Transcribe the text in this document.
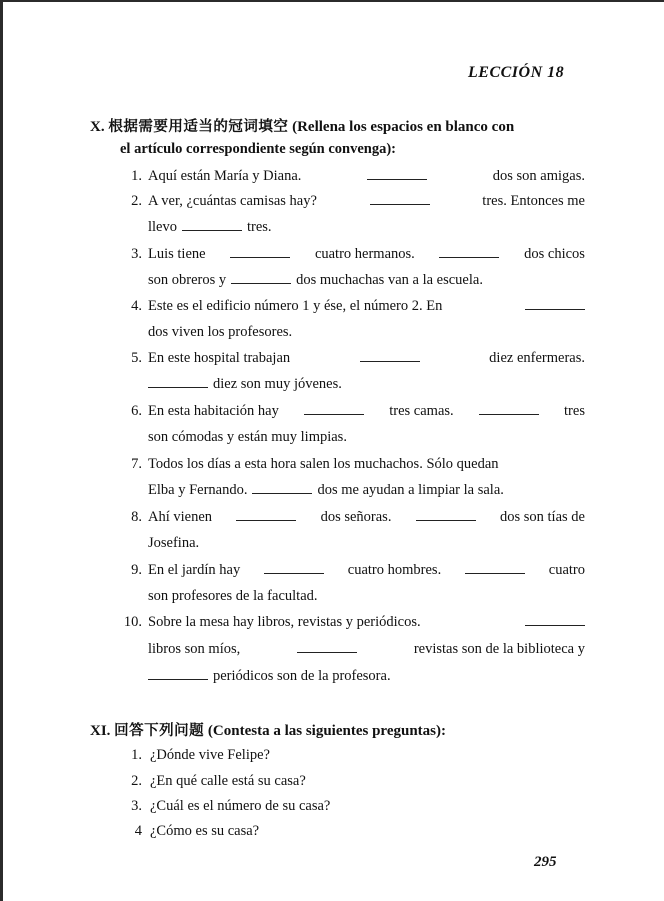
LECCIÓN 18
X. 根据需要用适当的冠词填空 (Rellena los espacios en blanco con
el artículo correspondiente según convenga):
1. Aquí están María y Diana.	dos son amigas.
2. A ver, ¿cuántas camisas hay?	tres. Entonces me
llevo	tres.
3. Luis tiene	cuatro hermanos.	dos chicos
son obreros y	dos muchachas van a la escuela.
4. Este es el edificio número 1 y ése, el número 2. En
dos viven los profesores.
5. En este hospital trabajan	diez enfermeras.
diez son muy jóvenes.
6. En esta habitación hay	tres camas.	tres
son cómodas y están muy limpias.
7. Todos los días a esta hora salen los muchachos. Sólo quedan
Elba y Fernando.	dos me ayudan a limpiar la sala.
8. Ahí vienen	dos señoras.	dos son tías de
Josefina.
9. En el jardín hay	cuatro hombres.	cuatro
son profesores de la facultad.
10. Sobre la mesa hay libros, revistas y periódicos.
libros son míos,	revistas son de la biblioteca y
periódicos son de la profesora.
XI. 回答下列问题 (Contesta a las siguientes preguntas):
1. ¿Dónde vive Felipe?
2. ¿En qué calle está su casa?
3. ¿Cuál es el número de su casa?
4 ¿Cómo es su casa?
295
